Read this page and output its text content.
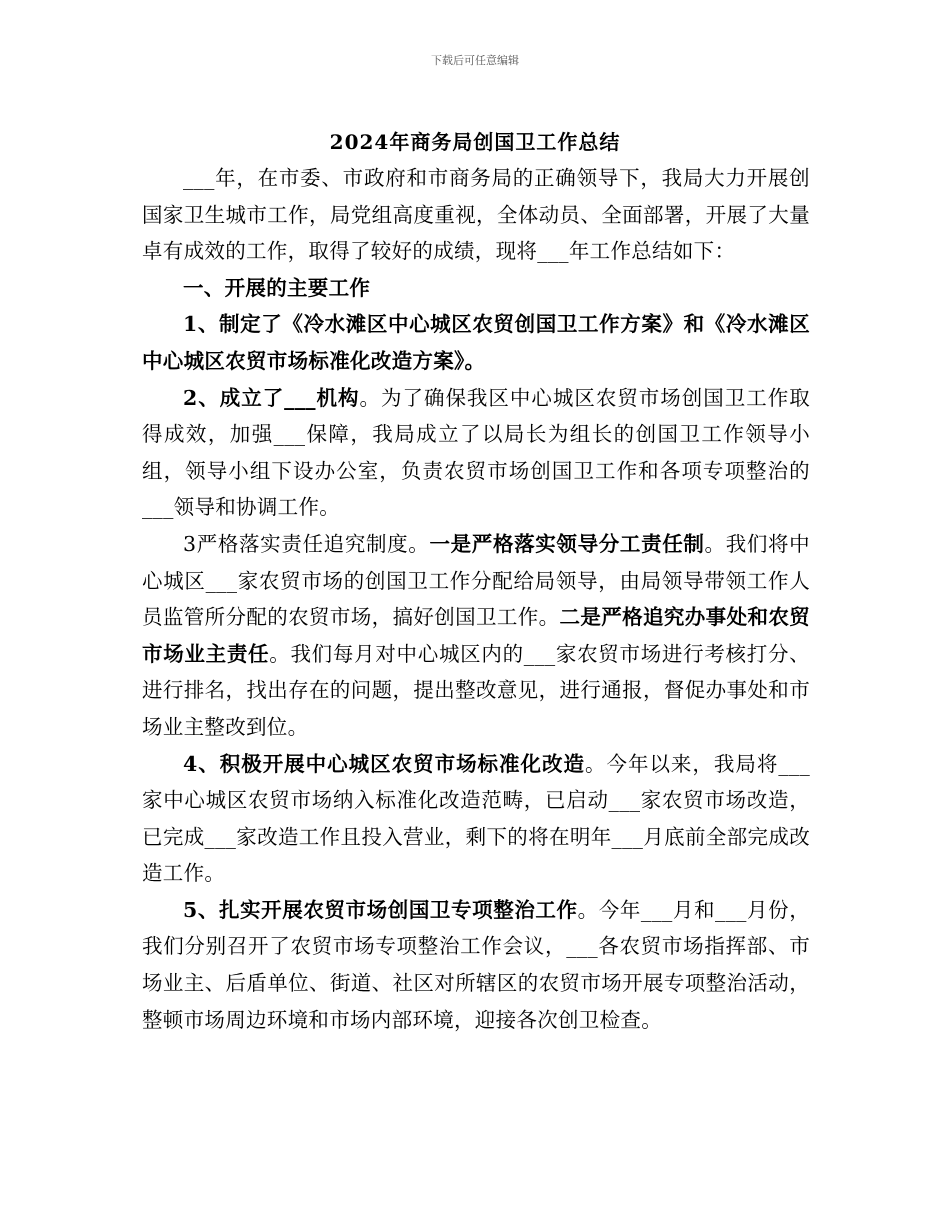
下载后可任意编辑
2024年商务局创国卫工作总结

___年，在市委、市政府和市商务局的正确领导下，我局大力开展创国家卫生城市工作，局党组高度重视，全体动员、全面部署，开展了大量卓有成效的工作，取得了较好的成绩，现将___年工作总结如下：

一、开展的主要工作

1、制定了《冷水滩区中心城区农贸创国卫工作方案》和《冷水滩区中心城区农贸市场标准化改造方案》。

2、成立了___机构。为了确保我区中心城区农贸市场创国卫工作取得成效，加强___保障，我局成立了以局长为组长的创国卫工作领导小组，领导小组下设办公室，负责农贸市场创国卫工作和各项专项整治的___领导和协调工作。

3严格落实责任追究制度。一是严格落实领导分工责任制。我们将中心城区___家农贸市场的创国卫工作分配给局领导，由局领导带领工作人员监管所分配的农贸市场，搞好创国卫工作。二是严格追究办事处和农贸市场业主责任。我们每月对中心城区内的___家农贸市场进行考核打分、进行排名，找出存在的问题，提出整改意见，进行通报，督促办事处和市场业主整改到位。

4、积极开展中心城区农贸市场标准化改造。今年以来，我局将___家中心城区农贸市场纳入标准化改造范畴，已启动___家农贸市场改造，已完成___家改造工作且投入营业，剩下的将在明年___月底前全部完成改造工作。

5、扎实开展农贸市场创国卫专项整治工作。今年___月和___月份，我们分别召开了农贸市场专项整治工作会议，___各农贸市场指挥部、市场业主、后盾单位、街道、社区对所辖区的农贸市场开展专项整治活动，整顿市场周边环境和市场内部环境，迎接各次创卫检查。
